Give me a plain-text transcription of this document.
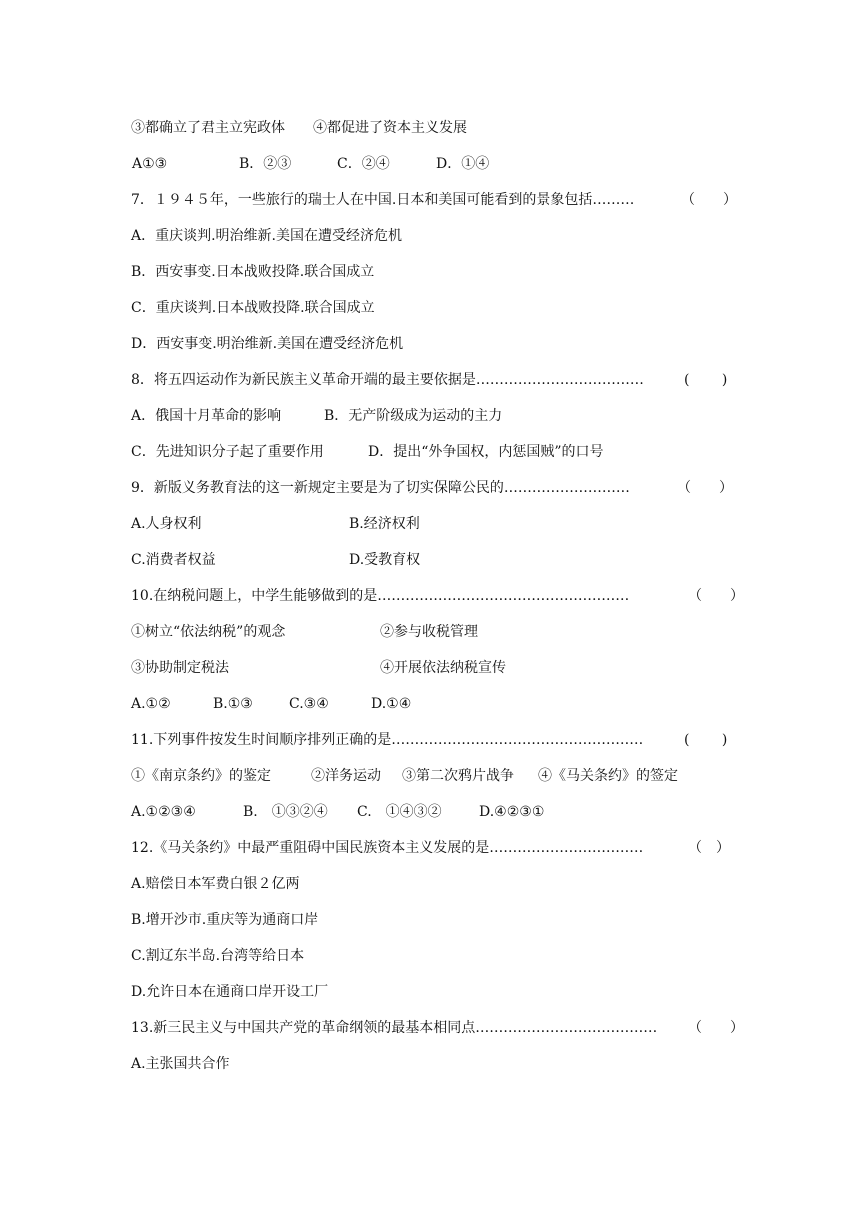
③都确立了君主立宪政体　　④都促进了资本主义发展

A①③	B．②③	C．②④	D．①④
7．１９４５年，一些旅行的瑞士人在中国.日本和美国可能看到的景象包括………	（　　）

A．重庆谈判.明治维新.美国在遭受经济危机

B．西安事变.日本战败投降.联合国成立

C．重庆谈判.日本战败投降.联合国成立

D．西安事变.明治维新.美国在遭受经济危机

8．将五四运动作为新民族主义革命开端的最主要依据是………………………………	(　　 )
A．俄国十月革命的影响	B．无产阶级成为运动的主力
C．先进知识分子起了重要作用	D．提出“外争国权，内惩国贼”的口号
9．新版义务教育法的这一新规定主要是为了切实保障公民的………………………	（　　）
A.人身权利	B.经济权利
C.消费者权益	D.受教育权
10.在纳税问题上，中学生能够做到的是………………………………………………	（　　）
①树立“依法纳税”的观念	②参与收税管理
③协助制定税法	④开展依法纳税宣传
A.①②	B.①③	C.③④	D.①④
11.下列事件按发生时间顺序排列正确的是………………………………………………	(　　 )
①《南京条约》的鉴定	②洋务运动 ③第二次鸦片战争 ④《马关条约》的签定
A.①②③④	B.　①③②④ C.　①④③②	D.④②③①
12.《马关条约》中最严重阻碍中国民族资本主义发展的是……………………………	（　）

A.赔偿日本军费白银２亿两

B.增开沙市.重庆等为通商口岸

C.割辽东半岛.台湾等给日本

D.允许日本在通商口岸开设工厂

13.新三民主义与中国共产党的革命纲领的最基本相同点………………………………… （　　）

A.主张国共合作
